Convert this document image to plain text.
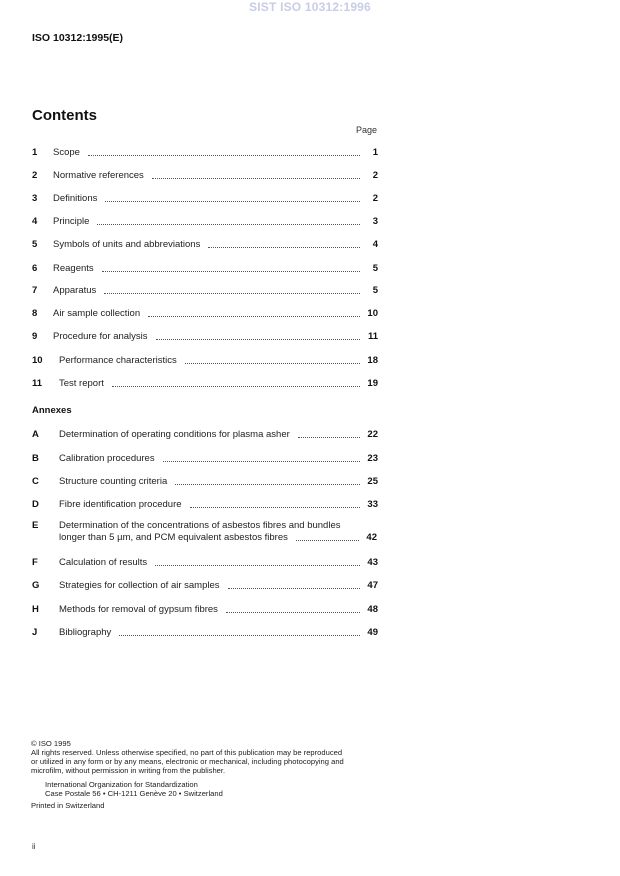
SIST ISO 10312:1996
ISO 10312:1995(E)
Contents
Page
1	Scope	1
2	Normative references	2
3	Definitions	2
4	Principle	3
5	Symbols of units and abbreviations	4
6	Reagents	5
7	Apparatus	5
8	Air sample collection	10
9	Procedure for analysis	11
10	Performance characteristics	18
11	Test report	19
Annexes
A	Determination of operating conditions for plasma asher	22
B	Calibration procedures	23
C	Structure counting criteria	25
D	Fibre identification procedure	33
E	Determination of the concentrations of asbestos fibres and bundles
longer than 5 µm, and PCM equivalent asbestos fibres	42
F	Calculation of results	43
G	Strategies for collection of air samples	47
H	Methods for removal of gypsum fibres	48
J	Bibliography	49
© ISO 1995
All rights reserved. Unless otherwise specified, no part of this publication may be reproduced
or utilized in any form or by any means, electronic or mechanical, including photocopying and
microfilm, without permission in writing from the publisher.
International Organization for Standardization
Case Postale 56 • CH-1211 Genève 20 • Switzerland
Printed in Switzerland
ii
